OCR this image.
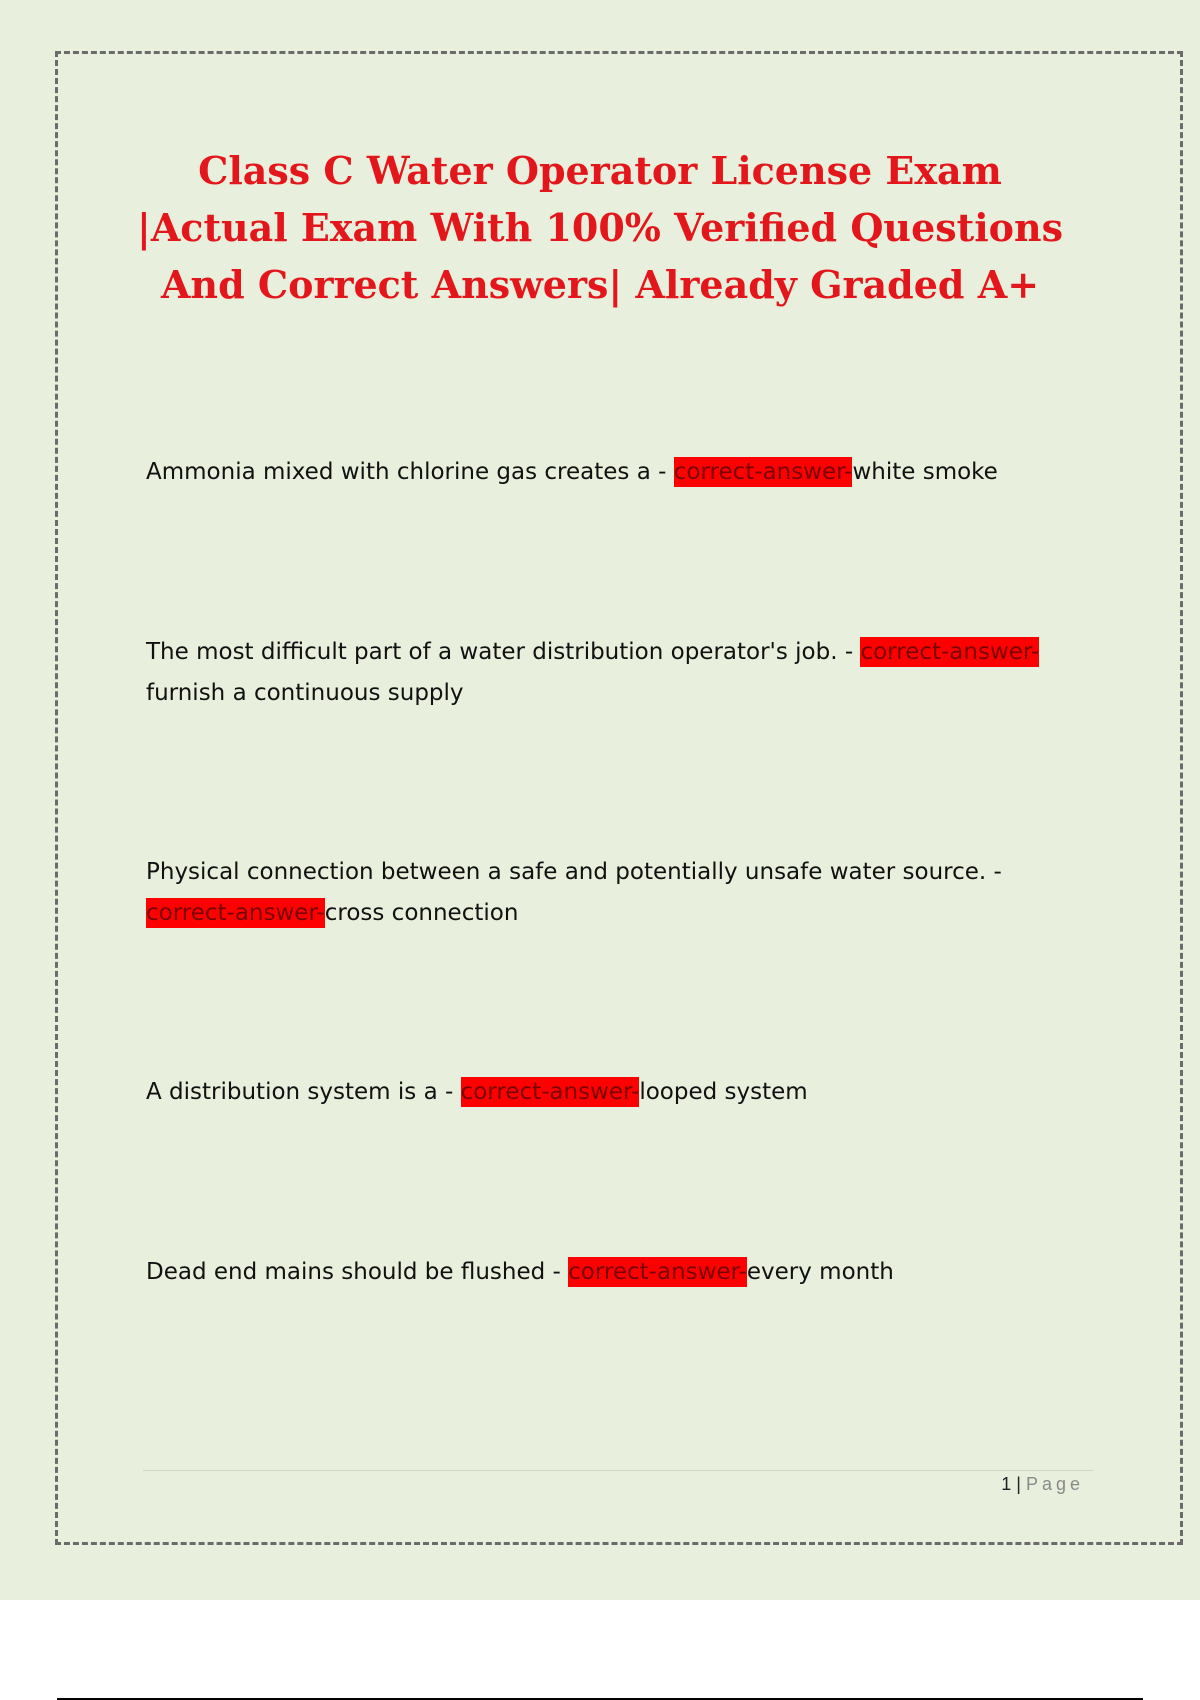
Class C Water Operator License Exam |Actual Exam With 100% Verified Questions And Correct Answers| Already Graded A+

Ammonia mixed with chlorine gas creates a - correct-answer-white smoke

The most difficult part of a water distribution operator's job. - correct-answer-
furnish a continuous supply

Physical connection between a safe and potentially unsafe water source. -
correct-answer-cross connection

A distribution system is a - correct-answer-looped system

Dead end mains should be flushed - correct-answer-every month

1 | Page
